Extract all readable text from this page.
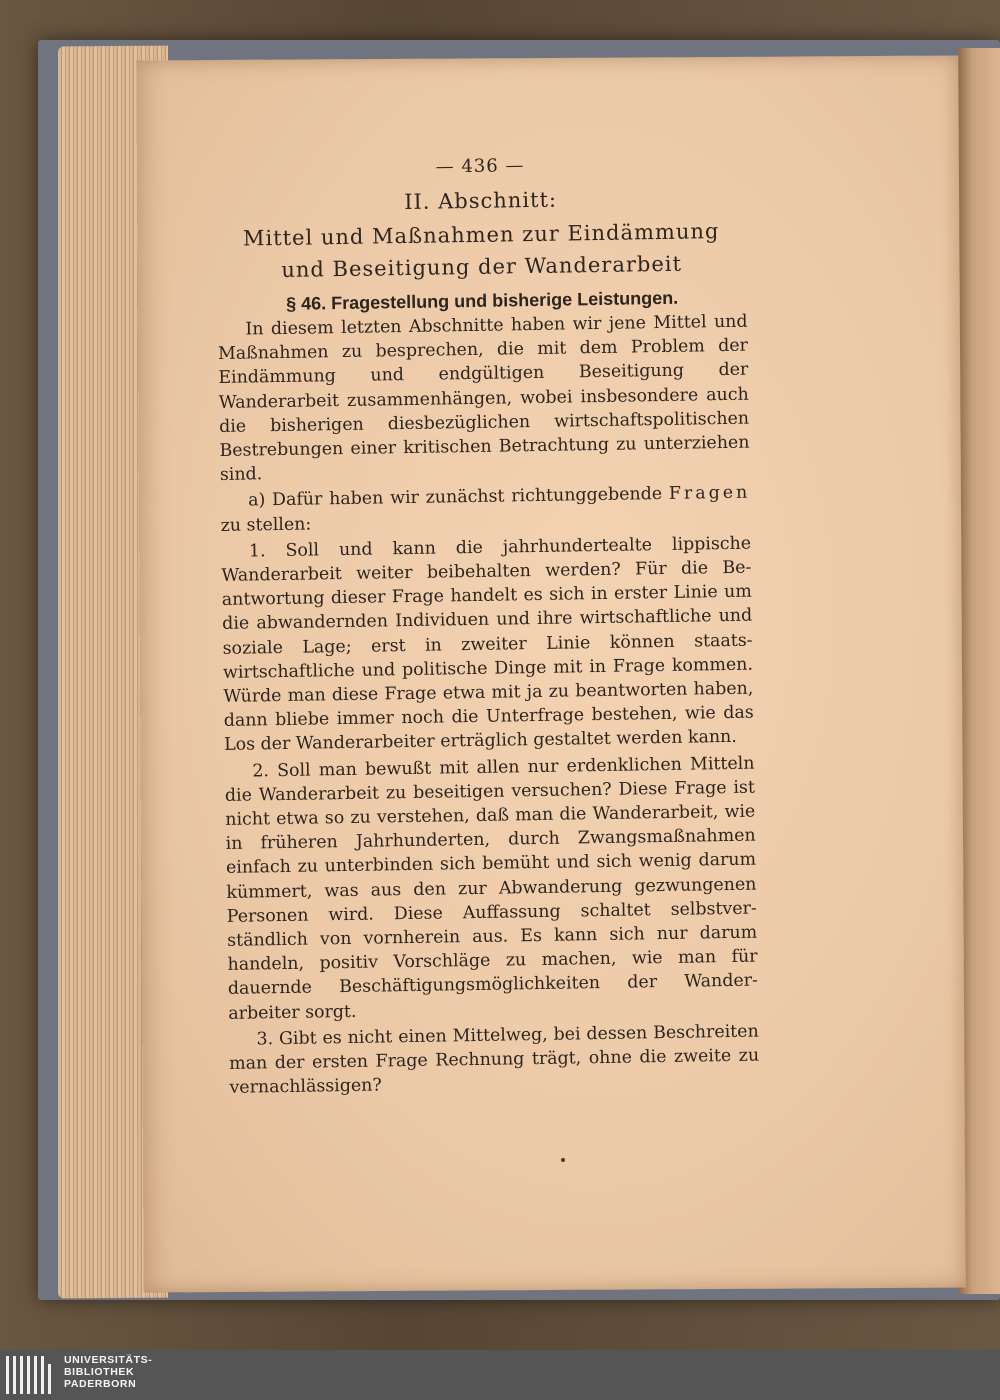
— 436 —
II. Abschnitt:
Mittel und Maßnahmen zur Eindämmung
und Beseitigung der Wanderarbeit
§ 46. Fragestellung und bisherige Leistungen.

In diesem letzten Abschnitte haben wir jene Mittel und Maßnahmen zu besprechen, die mit dem Problem der Eindämmung und endgültigen Beseitigung der Wanderarbeit zusammenhängen, wobei insbesondere auch die bisherigen diesbezüglichen wirtschaftspolitischen Bestrebungen einer kritischen Betrachtung zu unterziehen sind.

a) Dafür haben wir zunächst richtunggebende Fragen zu stellen:

1. Soll und kann die jahrhundertealte lippische Wanderarbeit weiter beibehalten werden? Für die Beantwortung dieser Frage handelt es sich in erster Linie um die abwandernden Individuen und ihre wirtschaftliche und soziale Lage; erst in zweiter Linie können staatswirtschaftliche und politische Dinge mit in Frage kommen. Würde man diese Frage etwa mit ja zu beantworten haben, dann bliebe immer noch die Unterfrage bestehen, wie das Los der Wanderarbeiter erträglich gestaltet werden kann.

2. Soll man bewußt mit allen nur erdenklichen Mitteln die Wanderarbeit zu beseitigen versuchen? Diese Frage ist nicht etwa so zu verstehen, daß man die Wanderarbeit, wie in früheren Jahrhunderten, durch Zwangsmaßnahmen einfach zu unterbinden sich bemüht und sich wenig darum kümmert, was aus den zur Abwanderung gezwungenen Personen wird. Diese Auffassung schaltet selbstverständlich von vornherein aus. Es kann sich nur darum handeln, positiv Vorschläge zu machen, wie man für dauernde Beschäftigungsmöglichkeiten der Wanderarbeiter sorgt.

3. Gibt es nicht einen Mittelweg, bei dessen Beschreiten man der ersten Frage Rechnung trägt, ohne die zweite zu vernachlässigen?

UNIVERSITÄTS-
BIBLIOTHEK
PADERBORN
